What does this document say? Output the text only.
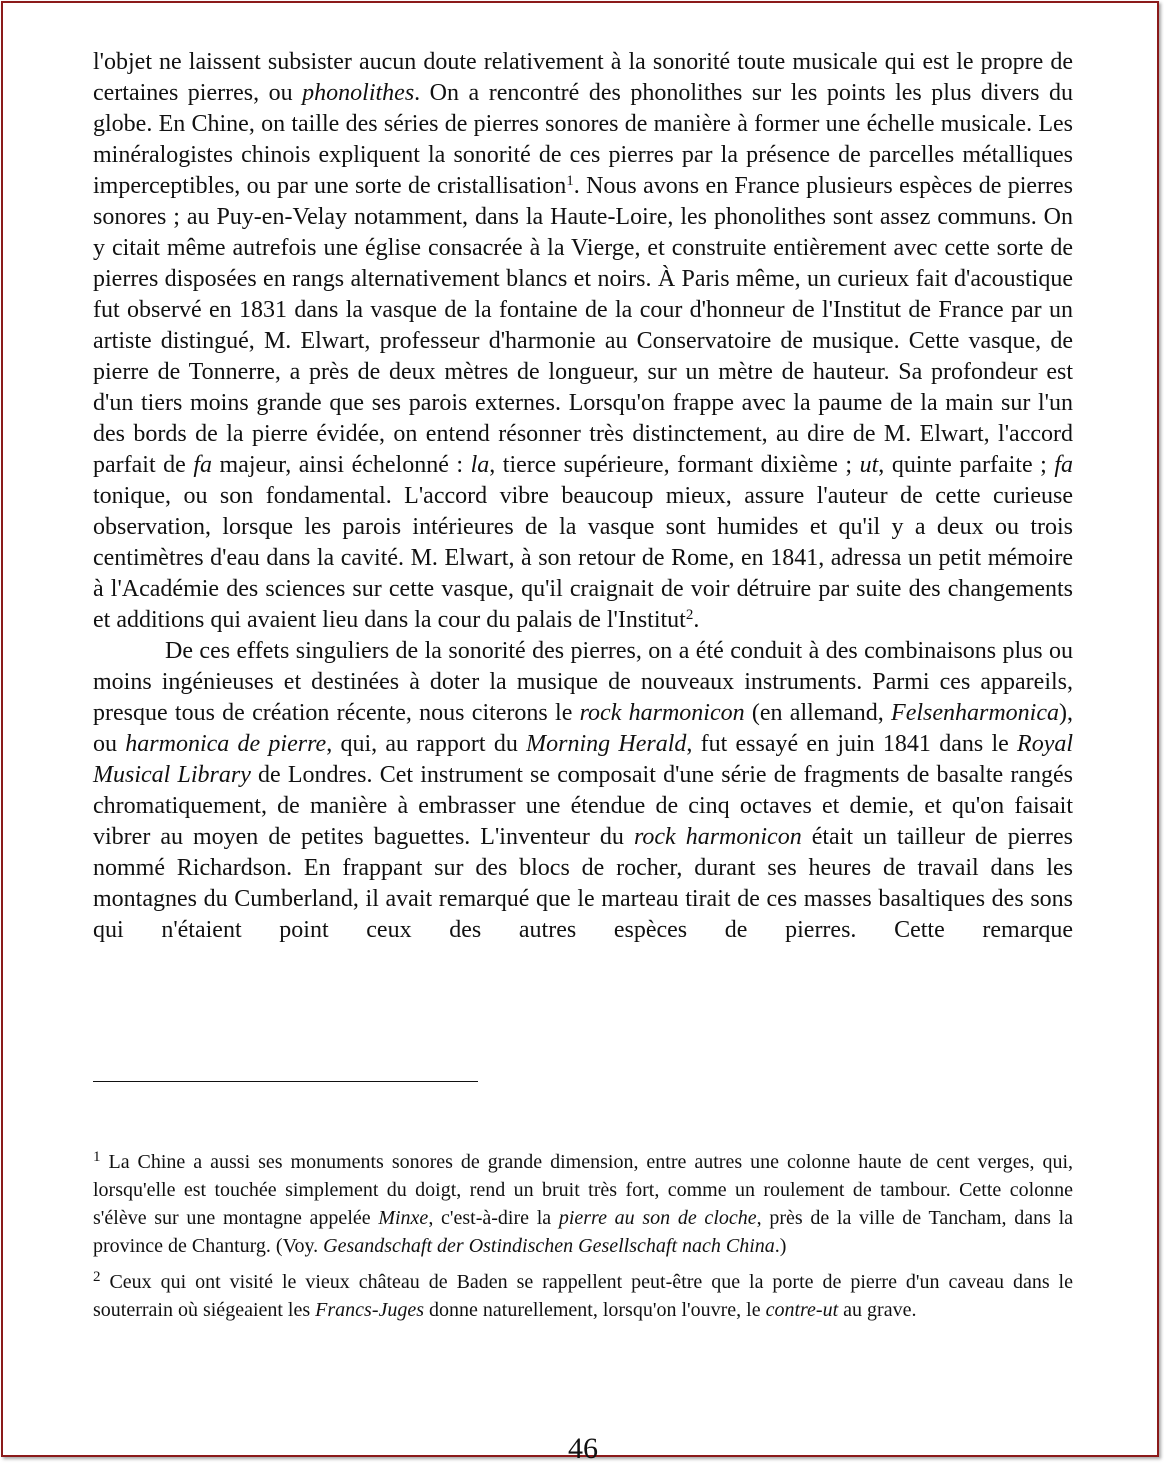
l'objet ne laissent subsister aucun doute relativement à la sonorité toute musicale qui est le propre de certaines pierres, ou phonolithes. On a rencontré des phonolithes sur les points les plus divers du globe. En Chine, on taille des séries de pierres sonores de manière à former une échelle musicale. Les minéralogistes chinois expliquent la sonorité de ces pierres par la présence de parcelles métalliques imperceptibles, ou par une sorte de cristallisation$^1$. Nous avons en France plusieurs espèces de pierres sonores ; au Puy-en-Velay notamment, dans la Haute-Loire, les phonolithes sont assez communs. On y citait même autrefois une église consacrée à la Vierge, et construite entièrement avec cette sorte de pierres disposées en rangs alternativement blancs et noirs. À Paris même, un curieux fait d'acoustique fut observé en 1831 dans la vasque de la fontaine de la cour d'honneur de l'Institut de France par un artiste distingué, M. Elwart, professeur d'harmonie au Conservatoire de musique. Cette vasque, de pierre de Tonnerre, a près de deux mètres de longueur, sur un mètre de hauteur. Sa profondeur est d'un tiers moins grande que ses parois externes. Lorsqu'on frappe avec la paume de la main sur l'un des bords de la pierre évidée, on entend résonner très distinctement, au dire de M. Elwart, l'accord parfait de fa majeur, ainsi échelonné : la, tierce supérieure, formant dixième ; ut, quinte parfaite ; fa tonique, ou son fondamental. L'accord vibre beaucoup mieux, assure l'auteur de cette curieuse observation, lorsque les parois intérieures de la vasque sont humides et qu'il y a deux ou trois centimètres d'eau dans la cavité. M. Elwart, à son retour de Rome, en 1841, adressa un petit mémoire à l'Académie des sciences sur cette vasque, qu'il craignait de voir détruire par suite des changements et additions qui avaient lieu dans la cour du palais de l'Institut$^2$.

De ces effets singuliers de la sonorité des pierres, on a été conduit à des combinaisons plus ou moins ingénieuses et destinées à doter la musique de nouveaux instruments. Parmi ces appareils, presque tous de création récente, nous citerons le rock harmonicon (en allemand, Felsenharmonica), ou harmonica de pierre, qui, au rapport du Morning Herald, fut essayé en juin 1841 dans le Royal Musical Library de Londres. Cet instrument se composait d'une série de fragments de basalte rangés chromatiquement, de manière à embrasser une étendue de cinq octaves et demie, et qu'on faisait vibrer au moyen de petites baguettes. L'inventeur du rock harmonicon était un tailleur de pierres nommé Richardson. En frappant sur des blocs de rocher, durant ses heures de travail dans les montagnes du Cumberland, il avait remarqué que le marteau tirait de ces masses basaltiques des sons qui n'étaient point ceux des autres espèces de pierres. Cette remarque

$^1$ La Chine a aussi ses monuments sonores de grande dimension, entre autres une colonne haute de cent verges, qui, lorsqu'elle est touchée simplement du doigt, rend un bruit très fort, comme un roulement de tambour. Cette colonne s'élève sur une montagne appelée Minxe, c'est-à-dire la pierre au son de cloche, près de la ville de Tancham, dans la province de Chanturg. (Voy. Gesandschaft der Ostindischen Gesellschaft nach China.)

$^2$ Ceux qui ont visité le vieux château de Baden se rappellent peut-être que la porte de pierre d'un caveau dans le souterrain où siégeaient les Francs-Juges donne naturellement, lorsqu'on l'ouvre, le contre-ut au grave.

46
